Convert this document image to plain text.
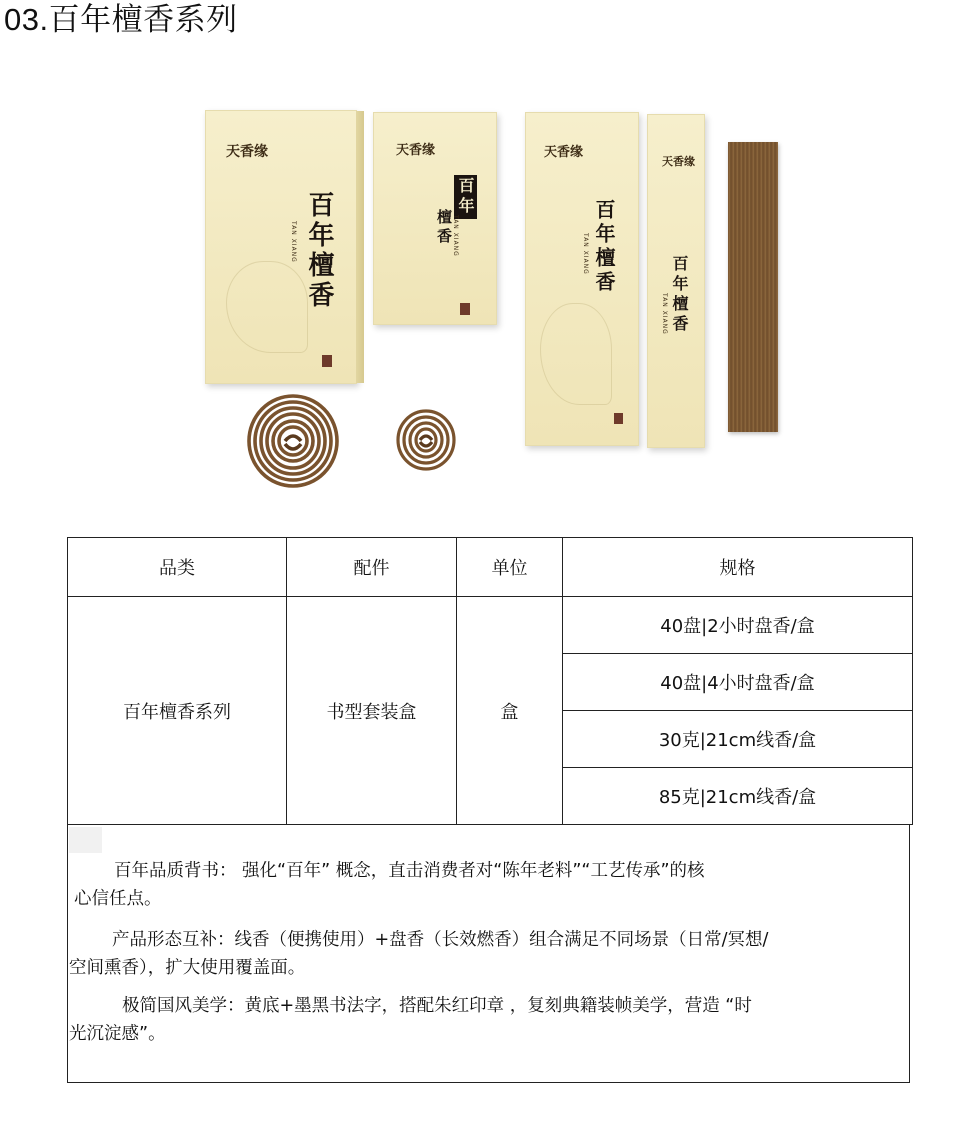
03.百年檀香系列
天香缘
百年檀香
TAN XIANG
天香缘
百年
檀香 TAN XIANG
天香缘
百年檀香
TAN XIANG
天香缘
百年檀香
TAN XIANG
品类	配件	单位	规格
百年檀香系列	书型套装盒	盒	40盘|2小时盘香/盒
			40盘|4小时盘香/盒
			30克|21cm线香/盒
			85克|21cm线香/盒

百年品质背书： 强化“百年” 概念，直击消费者对“陈年老料”“工艺传承”的核

心信任点。

产品形态互补：线香（便携使用）+盘香（长效燃香）组合满足不同场景（日常/冥想/

空间熏香），扩大使用覆盖面。

极简国风美学：黄底+墨黑书法字，搭配朱红印章 ，复刻典籍装帧美学，营造 “时

光沉淀感”。
